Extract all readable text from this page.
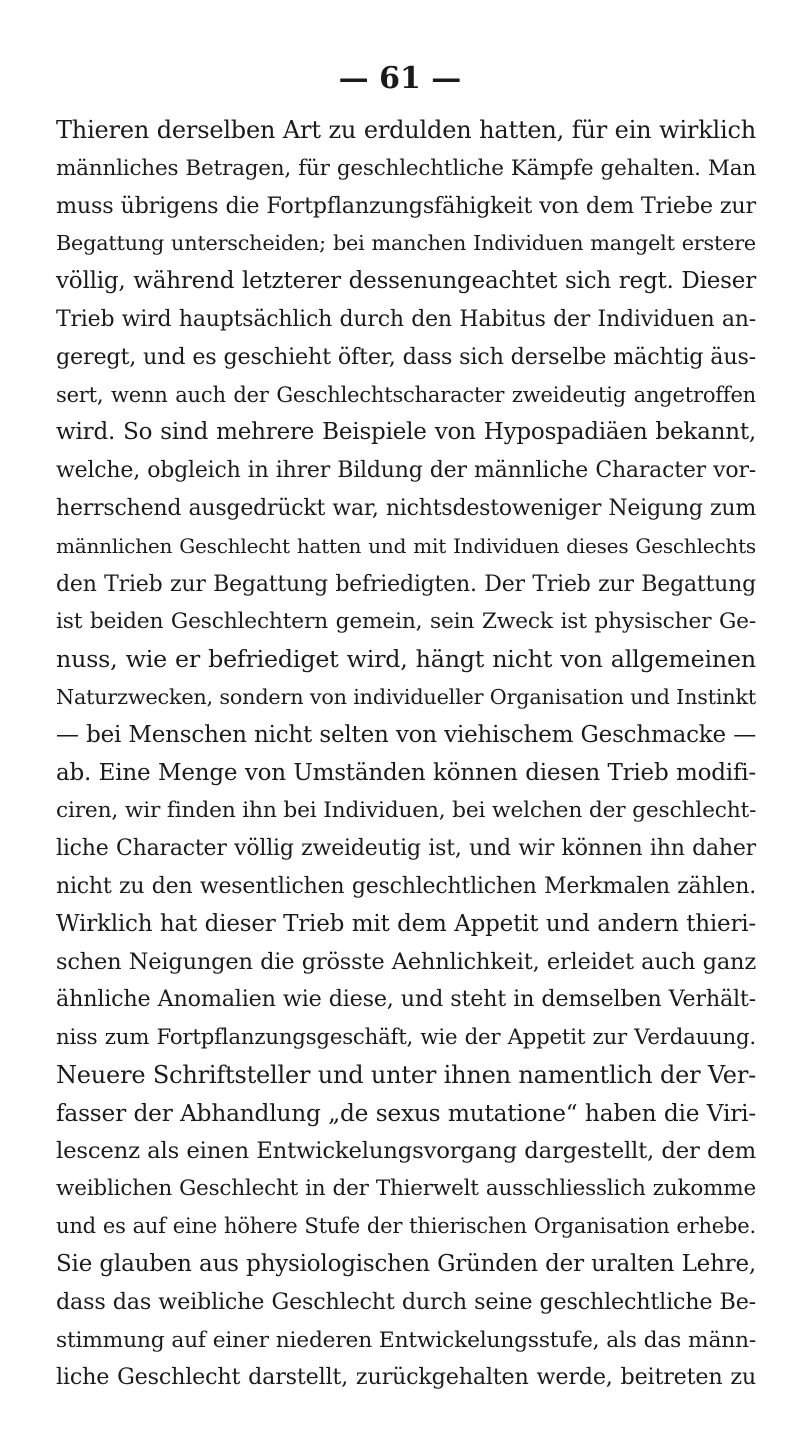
— 61 —
Thieren derselben Art zu erdulden hatten, für ein wirklich
männliches Betragen, für geschlechtliche Kämpfe gehalten. Man
muss übrigens die Fortpflanzungsfähigkeit von dem Triebe zur
Begattung unterscheiden; bei manchen Individuen mangelt erstere
völlig, während letzterer dessenungeachtet sich regt. Dieser
Trieb wird hauptsächlich durch den Habitus der Individuen an-
geregt, und es geschieht öfter, dass sich derselbe mächtig äus-
sert, wenn auch der Geschlechtscharacter zweideutig angetroffen
wird. So sind mehrere Beispiele von Hypospadiäen bekannt,
welche, obgleich in ihrer Bildung der männliche Character vor-
herrschend ausgedrückt war, nichtsdestoweniger Neigung zum
männlichen Geschlecht hatten und mit Individuen dieses Geschlechts
den Trieb zur Begattung befriedigten. Der Trieb zur Begattung
ist beiden Geschlechtern gemein, sein Zweck ist physischer Ge-
nuss, wie er befriediget wird, hängt nicht von allgemeinen
Naturzwecken, sondern von individueller Organisation und Instinkt
— bei Menschen nicht selten von viehischem Geschmacke —
ab. Eine Menge von Umständen können diesen Trieb modifi-
ciren, wir finden ihn bei Individuen, bei welchen der geschlecht-
liche Character völlig zweideutig ist, und wir können ihn daher
nicht zu den wesentlichen geschlechtlichen Merkmalen zählen.
Wirklich hat dieser Trieb mit dem Appetit und andern thieri-
schen Neigungen die grösste Aehnlichkeit, erleidet auch ganz
ähnliche Anomalien wie diese, und steht in demselben Verhält-
niss zum Fortpflanzungsgeschäft, wie der Appetit zur Verdauung.
Neuere Schriftsteller und unter ihnen namentlich der Ver-
fasser der Abhandlung „de sexus mutatione“ haben die Viri-
lescenz als einen Entwickelungsvorgang dargestellt, der dem
weiblichen Geschlecht in der Thierwelt ausschliesslich zukomme
und es auf eine höhere Stufe der thierischen Organisation erhebe.
Sie glauben aus physiologischen Gründen der uralten Lehre,
dass das weibliche Geschlecht durch seine geschlechtliche Be-
stimmung auf einer niederen Entwickelungsstufe, als das männ-
liche Geschlecht darstellt, zurückgehalten werde, beitreten zu
